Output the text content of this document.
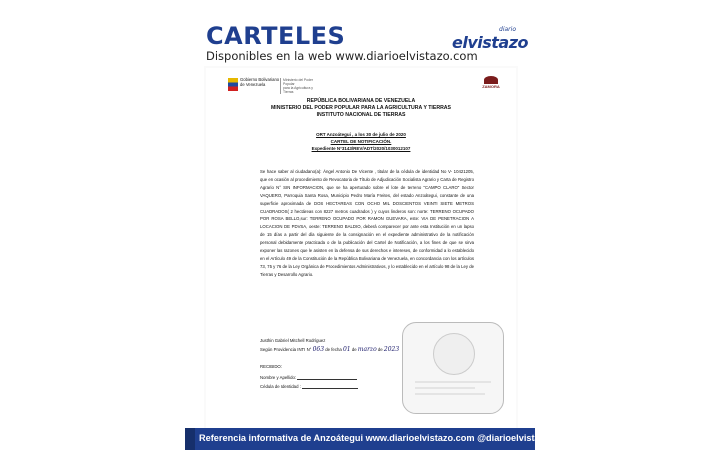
CARTELES
Disponibles en la web www.diarioelvistazo.com
diario
elvistazo
Gobierno Bolivariano
de Venezuela
Ministerio del Poder Popular
para la Agricultura y Tierras
ZAMORA
REPÚBLICA BOLIVARIANA DE VENEZUELA
MINISTERIO DEL PODER POPULAR PARA LA AGRICULTURA Y TIERRAS
INSTITUTO NACIONAL DE TIERRAS
ORT Anzoátegui , a los 30 de julio de 2020
CARTEL DE NOTIFICACIÓN.
Expediente N°3143/REV/ADT/2020/1030012107

Se hace saber al ciudadano(a): Ángel Antonio De Vicente , titular de la cédula de identidad No V- 10421205, que en ocasión al procedimiento de Revocatoria de Título de Adjudicación Socialista Agrario y Carta de Registro Agrario N° SIN INFORMACION, que se ha aperturado sobre el lote de terreno "CAMPO CLARO" Sector VAQUERO, Parroquia Santa Rosa, Municipio Pedro María Freites, del estado Anzoátegui, constante de una superficie aproximada de DOS HECTAREAS CON OCHO MIL DOSCIENTOS VEINTI SIETE METROS CUADRADOS( 2 hectáreas con 8227 metros cuadrados ) y cuyos linderos son: norte: TERRENO OCUPADO POR ROSA BELLO,sur: TERRENO OCUPADO POR RAMON GUEVARA, este: VIA DE PENETRACION A LOCACION DE PDVSA, oeste: TERRENO BALDIO, deberá comparecer por ante esta Institución en un lapso de 15 días a partir del día siguiente de la consignación en el expediente administrativo de la notificación personal debidamente practicada o de la publicación del Cartel de Notificación, a los fines de que se sirva exponer las razones que le asisten en la defensa de sus derechos e intereses, de conformidad a lo establecido en el Artículo 49 de la Constitución de la República Bolivariana de Venezuela, en concordancia con los artículos 73, 75 y 76 de la Ley Orgánica de Procedimientos Administrativos, y lo establecido en el artículo 98 de la Ley de Tierras y Desarrollo Agrario.

Justhin Gabriel Mitchell Rodríguez
Según Providencia INTI N° 063 de fecha 01 de marzo de 2023
RECIBIDO:
Nombre y Apellido:
Cédula de Identidad :
Referencia informativa de Anzoátegui www.diarioelvistazo.com @diarioelvistazo
